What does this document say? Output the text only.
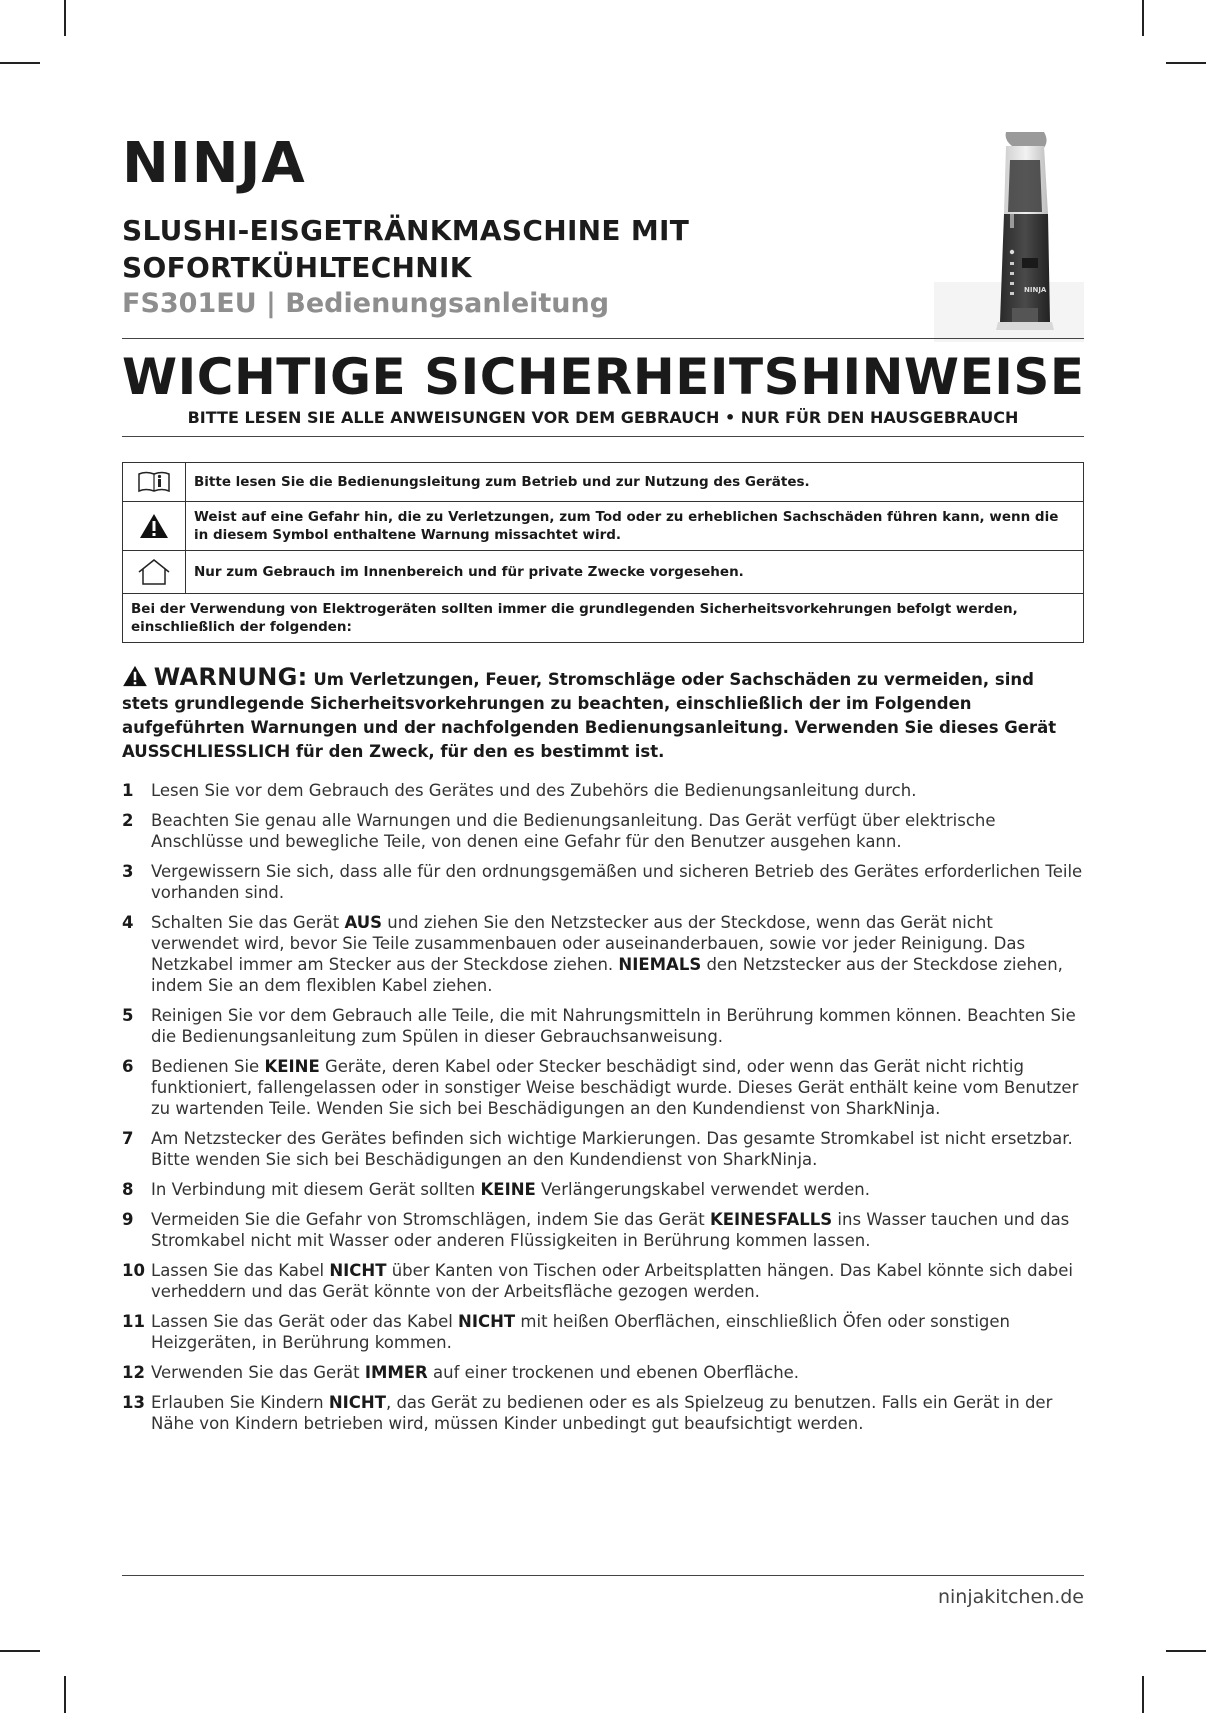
NINJA
SLUSHI-EISGETRÄNKMASCHINE MIT
SOFORTKÜHLTECHNIK
FS301EU | Bedienungsanleitung	NINJA
WICHTIGE SICHERHEITSHINWEISE
BITTE LESEN SIE ALLE ANWEISUNGEN VOR DEM GEBRAUCH • NUR FÜR DEN HAUSGEBRAUCH
Bitte lesen Sie die Bedienungsleitung zum Betrieb und zur Nutzung des Gerätes.
Weist auf eine Gefahr hin, die zu Verletzungen, zum Tod oder zu erheblichen Sachschäden führen kann, wenn die in diesem Symbol enthaltene Warnung missachtet wird.
Nur zum Gebrauch im Innenbereich und für private Zwecke vorgesehen.
Bei der Verwendung von Elektrogeräten sollten immer die grundlegenden Sicherheitsvorkehrungen befolgt werden, einschließlich der folgenden:
WARNUNG: Um Verletzungen, Feuer, Stromschläge oder Sachschäden zu vermeiden, sind stets grundlegende Sicherheitsvorkehrungen zu beachten, einschließlich der im Folgenden aufgeführten Warnungen und der nachfolgenden Bedienungsanleitung. Verwenden Sie dieses Gerät AUSSCHLIESSLICH für den Zweck, für den es bestimmt ist.
1 Lesen Sie vor dem Gebrauch des Gerätes und des Zubehörs die Bedienungsanleitung durch.
2 Beachten Sie genau alle Warnungen und die Bedienungsanleitung. Das Gerät verfügt über elektrische Anschlüsse und bewegliche Teile, von denen eine Gefahr für den Benutzer ausgehen kann.
3 Vergewissern Sie sich, dass alle für den ordnungsgemäßen und sicheren Betrieb des Gerätes erforderlichen Teile vorhanden sind.
4 Schalten Sie das Gerät AUS und ziehen Sie den Netzstecker aus der Steckdose, wenn das Gerät nicht verwendet wird, bevor Sie Teile zusammenbauen oder auseinanderbauen, sowie vor jeder Reinigung. Das Netzkabel immer am Stecker aus der Steckdose ziehen. NIEMALS den Netzstecker aus der Steckdose ziehen, indem Sie an dem flexiblen Kabel ziehen.
5 Reinigen Sie vor dem Gebrauch alle Teile, die mit Nahrungsmitteln in Berührung kommen können. Beachten Sie die Bedienungsanleitung zum Spülen in dieser Gebrauchsanweisung.
6 Bedienen Sie KEINE Geräte, deren Kabel oder Stecker beschädigt sind, oder wenn das Gerät nicht richtig funktioniert, fallengelassen oder in sonstiger Weise beschädigt wurde. Dieses Gerät enthält keine vom Benutzer zu wartenden Teile. Wenden Sie sich bei Beschädigungen an den Kundendienst von SharkNinja.
7 Am Netzstecker des Gerätes befinden sich wichtige Markierungen. Das gesamte Stromkabel ist nicht ersetzbar. Bitte wenden Sie sich bei Beschädigungen an den Kundendienst von SharkNinja.
8 In Verbindung mit diesem Gerät sollten KEINE Verlängerungskabel verwendet werden.
9 Vermeiden Sie die Gefahr von Stromschlägen, indem Sie das Gerät KEINESFALLS ins Wasser tauchen und das Stromkabel nicht mit Wasser oder anderen Flüssigkeiten in Berührung kommen lassen.
10 Lassen Sie das Kabel NICHT über Kanten von Tischen oder Arbeitsplatten hängen. Das Kabel könnte sich dabei verheddern und das Gerät könnte von der Arbeitsfläche gezogen werden.
11 Lassen Sie das Gerät oder das Kabel NICHT mit heißen Oberflächen, einschließlich Öfen oder sonstigen Heizgeräten, in Berührung kommen.
12 Verwenden Sie das Gerät IMMER auf einer trockenen und ebenen Oberfläche.
13 Erlauben Sie Kindern NICHT, das Gerät zu bedienen oder es als Spielzeug zu benutzen. Falls ein Gerät in der Nähe von Kindern betrieben wird, müssen Kinder unbedingt gut beaufsichtigt werden.
ninjakitchen.de
